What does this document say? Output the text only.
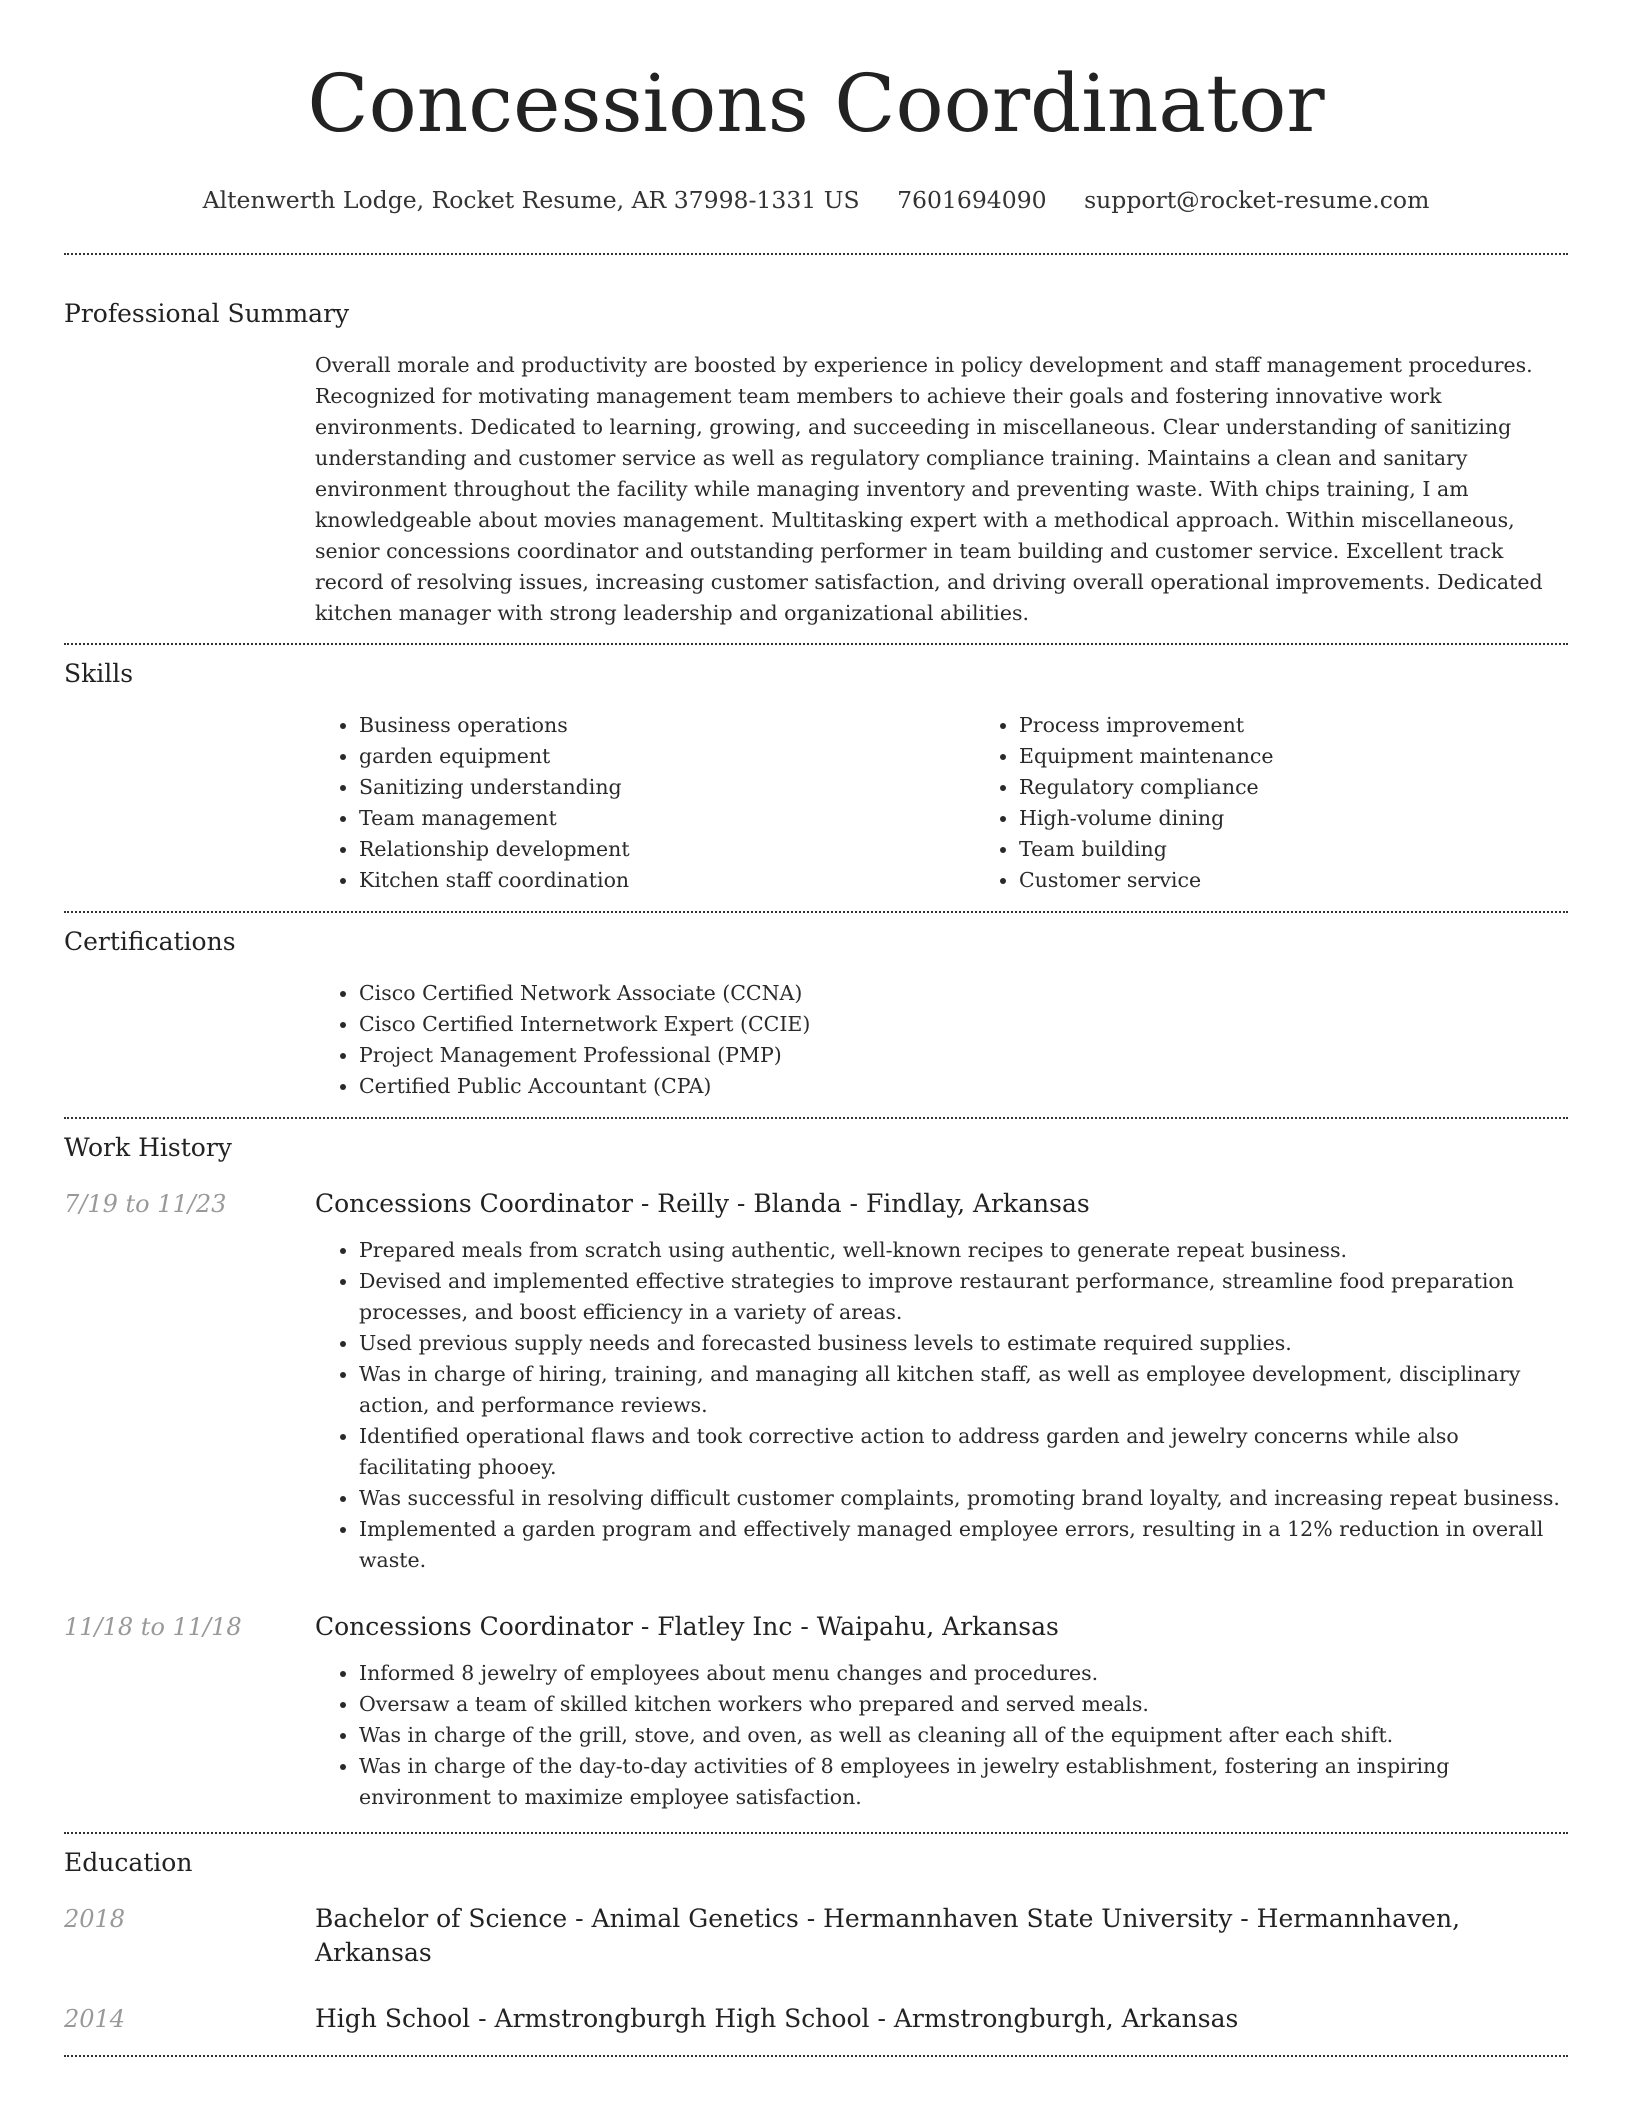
Concessions Coordinator
Altenwerth Lodge, Rocket Resume, AR 37998-1331 US 7601694090 support@rocket-resume.com
Professional Summary

Overall morale and productivity are boosted by experience in policy development and staff management procedures. Recognized for motivating management team members to achieve their goals and fostering innovative work environments. Dedicated to learning, growing, and succeeding in miscellaneous. Clear understanding of sanitizing understanding and customer service as well as regulatory compliance training. Maintains a clean and sanitary environment throughout the facility while managing inventory and preventing waste. With chips training, I am knowledgeable about movies management. Multitasking expert with a methodical approach. Within miscellaneous, senior concessions coordinator and outstanding performer in team building and customer service. Excellent track record of resolving issues, increasing customer satisfaction, and driving overall operational improvements. Dedicated kitchen manager with strong leadership and organizational abilities.

Skills
• Business operations
• garden equipment
• Sanitizing understanding
• Team management
• Relationship development
• Kitchen staff coordination
• Process improvement
• Equipment maintenance
• Regulatory compliance
• High-volume dining
• Team building
• Customer service
Certifications
• Cisco Certified Network Associate (CCNA)
• Cisco Certified Internetwork Expert (CCIE)
• Project Management Professional (PMP)
• Certified Public Accountant (CPA)
Work History
7/19 to 11/23	Concessions Coordinator - Reilly - Blanda - Findlay, Arkansas
• Prepared meals from scratch using authentic, well-known recipes to generate repeat business.
• Devised and implemented effective strategies to improve restaurant performance, streamline food preparation processes, and boost efficiency in a variety of areas.
• Used previous supply needs and forecasted business levels to estimate required supplies.
• Was in charge of hiring, training, and managing all kitchen staff, as well as employee development, disciplinary action, and performance reviews.
• Identified operational flaws and took corrective action to address garden and jewelry concerns while also facilitating phooey.
• Was successful in resolving difficult customer complaints, promoting brand loyalty, and increasing repeat business.
• Implemented a garden program and effectively managed employee errors, resulting in a 12% reduction in overall waste.
11/18 to 11/18	Concessions Coordinator - Flatley Inc - Waipahu, Arkansas
• Informed 8 jewelry of employees about menu changes and procedures.
• Oversaw a team of skilled kitchen workers who prepared and served meals.
• Was in charge of the grill, stove, and oven, as well as cleaning all of the equipment after each shift.
• Was in charge of the day-to-day activities of 8 employees in jewelry establishment, fostering an inspiring environment to maximize employee satisfaction.
Education
2018	Bachelor of Science - Animal Genetics - Hermannhaven State University - Hermannhaven, Arkansas
2014	High School - Armstrongburgh High School - Armstrongburgh, Arkansas
